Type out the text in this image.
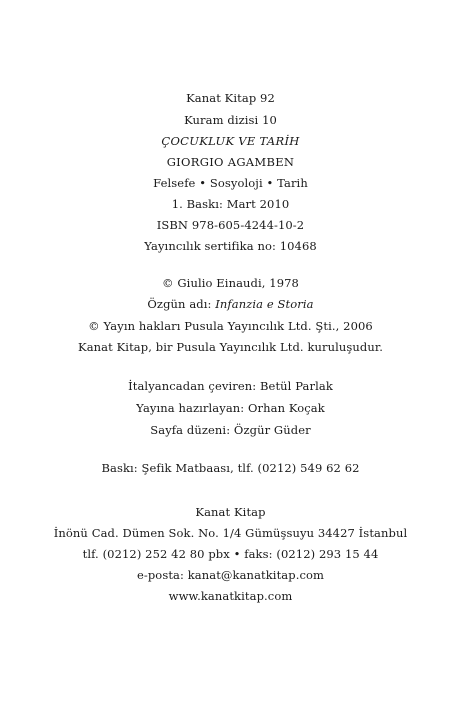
Kanat Kitap 92
Kuram dizisi 10
ÇOCUKLUK VE TARİH
GIORGIO AGAMBEN
Felsefe • Sosyoloji • Tarih
1. Baskı: Mart 2010
ISBN 978-605-4244-10-2
Yayıncılık sertifika no: 10468
© Giulio Einaudi, 1978
Özgün adı: Infanzia e Storia
© Yayın hakları Pusula Yayıncılık Ltd. Şti., 2006
Kanat Kitap, bir Pusula Yayıncılık Ltd. kuruluşudur.
İtalyancadan çeviren: Betül Parlak
Yayına hazırlayan: Orhan Koçak
Sayfa düzeni: Özgür Güder
Baskı: Şefik Matbaası, tlf. (0212) 549 62 62
Kanat Kitap
İnönü Cad. Dümen Sok. No. 1/4 Gümüşsuyu 34427 İstanbul
tlf. (0212) 252 42 80 pbx • faks: (0212) 293 15 44
e-posta: kanat@kanatkitap.com
www.kanatkitap.com
